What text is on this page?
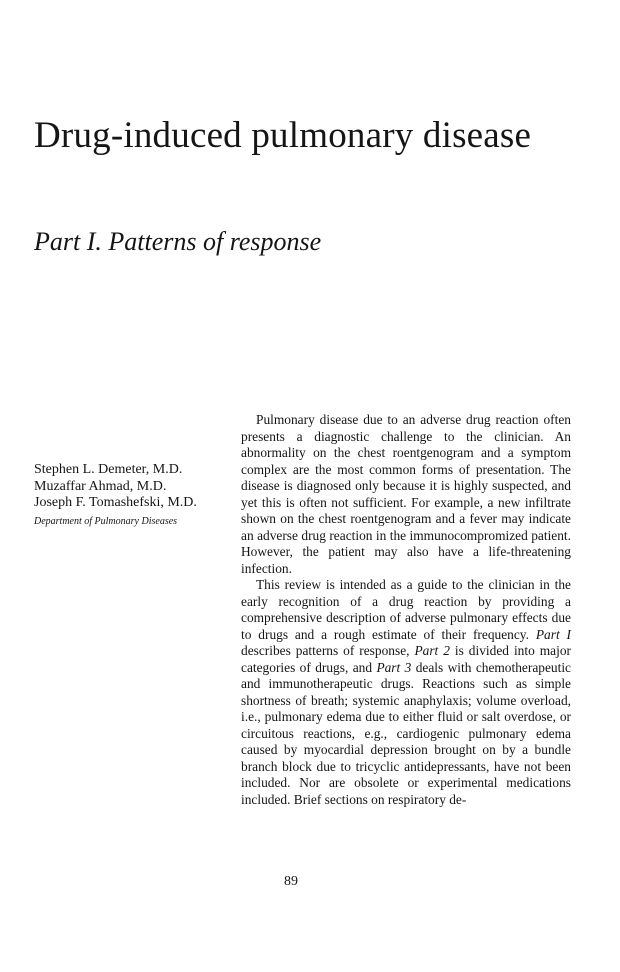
Drug-induced pulmonary disease
Part I. Patterns of response
Stephen L. Demeter, M.D.
Muzaffar Ahmad, M.D.
Joseph F. Tomashefski, M.D.
Department of Pulmonary Diseases

Pulmonary disease due to an adverse drug reaction often presents a diagnostic challenge to the clinician. An abnormality on the chest roentgenogram and a symptom complex are the most common forms of presentation. The disease is diagnosed only because it is highly suspected, and yet this is often not sufficient. For example, a new infiltrate shown on the chest roentgenogram and a fever may indicate an adverse drug reaction in the immunocompromized patient. However, the patient may also have a life-threatening infection.

This review is intended as a guide to the clinician in the early recognition of a drug reaction by providing a comprehensive description of adverse pulmonary effects due to drugs and a rough estimate of their frequency. Part I describes patterns of response, Part 2 is divided into major categories of drugs, and Part 3 deals with chemotherapeutic and immunotherapeutic drugs. Reactions such as simple shortness of breath; systemic anaphylaxis; volume overload, i.e., pulmonary edema due to either fluid or salt overdose, or circuitous reactions, e.g., cardiogenic pulmonary edema caused by myocardial depression brought on by a bundle branch block due to tricyclic antidepressants, have not been included. Nor are obsolete or experimental medications included. Brief sections on respiratory de-

89
